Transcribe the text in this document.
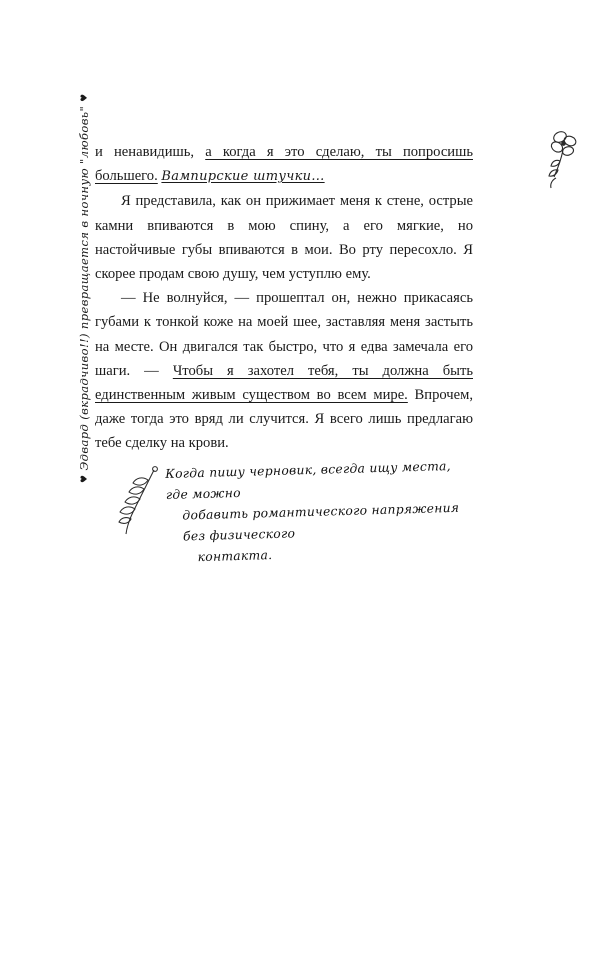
♥Эдвард (вкрадчиво!!) превращается в ночную "любовь"♥

и ненавидишь, а когда я это сделаю, ты попросишь большего. Вампирские штучки...

Я представила, как он прижимает меня к стене, острые камни впиваются в мою спину, а его мягкие, но настойчивые губы впиваются в мои. Во рту пересохло. Я скорее продам свою душу, чем уступлю ему.

— Не волнуйся, — прошептал он, нежно прикасаясь губами к тонкой коже на моей шее, заставляя меня застыть на месте. Он двигался так быстро, что я едва замечала его шаги. — Чтобы я захотел тебя, ты должна быть единственным живым существом во всем мире. Впрочем, даже тогда это вряд ли случится. Я всего лишь предлагаю тебе сделку на крови.

Когда пишу черновик, всегда ищу места, где можно
добавить романтического напряжения без физического
контакта.
